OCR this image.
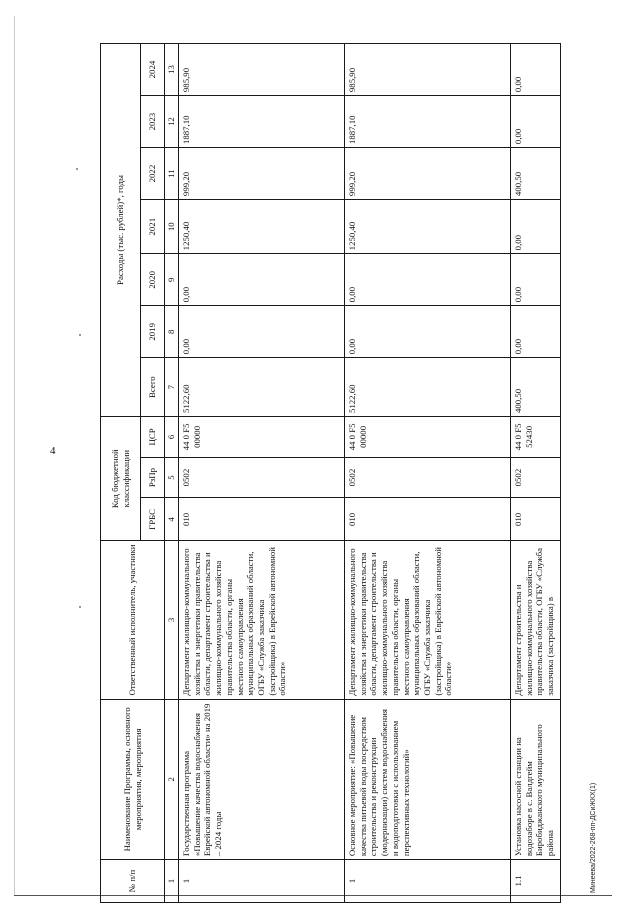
4
Минеева/2022-268-пп-ДСиЖКХ(1)
№ п/п	Наименование Программы, основного мероприятия, мероприятия	Ответственный исполнитель, участники	Код бюджетной классификации			Расходы (тыс. рублей)*, годы						
			ГРБС	РзПр	ЦСР	Всего	2019	2020	2021	2022	2023	2024
1	2	3	4	5	6	7	8	9	10	11	12	13
1	Государственная программа «Повышение качества водоснабжения Еврейской автономной области» на 2019 – 2024 годы	Департамент жилищно-коммунального хозяйства и энергетики правительства области, департамент строительства и жилищно-коммунального хозяйства правительства области, органы местного самоуправления муниципальных образований области, ОГБУ «Служба заказчика (застройщика) в Еврейской автономной области»	010	0502	44 0 F5 00000	5122,60	0,00	0,00	1250,40	999,20	1887,10	985,90
1	Основное мероприятие: «Повышение качества питьевой воды посредством строительства и реконструкции (модернизации) систем водоснабжения и водоподготовки с использованием перспективных технологий»	Департамент жилищно-коммунального хозяйства и энергетики правительства области, департамент строительства и жилищно-коммунального хозяйства правительства области, органы местного самоуправления муниципальных образований области, ОГБУ «Служба заказчика (застройщика) в Еврейской автономной области»	010	0502	44 0 F5 00000	5122,60	0,00	0,00	1250,40	999,20	1887,10	985,90
1.1	Установка насосной станции на водозаборе в с. Валдгейм Биробиджанского муниципального района	Департамент строительства и жилищно-коммунального хозяйства правительства области, ОГБУ «Служба заказчика (застройщика) в	010	0502	44 0 F5 52430	400,50	0,00	0,00	0,00	400,50	0,00	0,00
